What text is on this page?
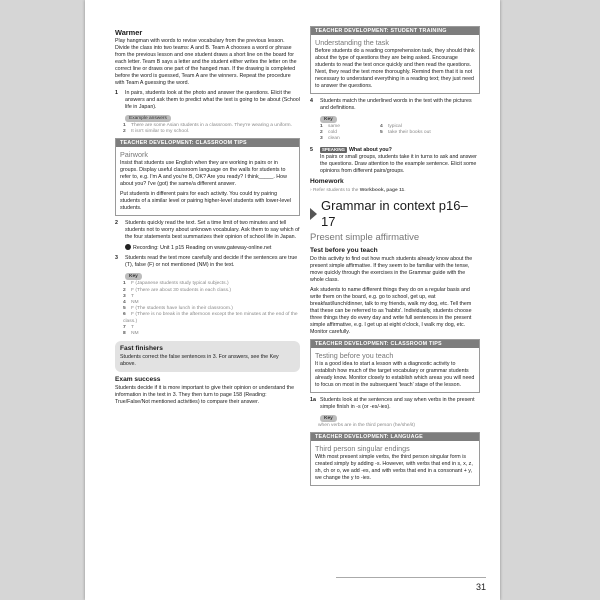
Warmer

Play hangman with words to revise vocabulary from the previous lesson. Divide the class into two teams: A and B. Team A chooses a word or phrase from the previous lesson and one student draws a short line on the board for each letter. Team B says a letter and the student either writes the letter on the correct line or draws one part of the hanged man. If the drawing is completed before the word is guessed, Team A are the winners. Repeat the procedure with Team A guessing the word.

1	In pairs, students look at the photo and answer the questions. Elicit the answers and ask them to predict what the text is going to be about (School life in Japan).
Example answers
1 There are some Asian students in a classroom. They're wearing a uniform.
2 It isn't similar to my school.
TEACHER DEVELOPMENT: CLASSROOM TIPS
Pairwork

Insist that students use English when they are working in pairs or in groups. Display useful classroom language on the walls for students to refer to, e.g. I'm A and you're B, OK? Are you ready? I think_____. How about you? I've (got) the same/a different answer.

Put students in different pairs for each activity. You could try pairing students of a similar level or pairing higher-level students with lower-level students.

2	Students quickly read the text. Set a time limit of two minutes and tell students not to worry about unknown vocabulary. Ask them to say which of the four statements best summarizes their opinion of school life in Japan.
Recording: Unit 1 p15 Reading on www.gateway-online.net
3	Students read the text more carefully and decide if the sentences are true (T), false (F) or not mentioned (NM) in the text.
Key
1 F (Japanese students study typical subjects.)
2 F (There are about 30 students in each class.)
3 T
4 NM
5 F (The students have lunch in their classroom.)
6 F (There is no break in the afternoon except the ten minutes at the end of the class.)
7 T
8 NM
Fast finishers
Students correct the false sentences in 3. For answers, see the Key above.
Exam success

Students decide if it is more important to give their opinion or understand the information in the text in 3. They then turn to page 158 (Reading: True/False/Not mentioned activities) to compare their answer.

TEACHER DEVELOPMENT: STUDENT TRAINING
Understanding the task

Before students do a reading comprehension task, they should think about the type of questions they are being asked. Encourage students to read the text once quickly and then read the questions. Next, they read the text more thoroughly. Remind them that it is not necessary to understand everything in a reading text; they just need to answer the questions.

4	Students match the underlined words in the text with the pictures and definitions.
Key
1 same	4 typical
2 cold	5 take their books out
3 clean
5	SPEAKING What about you?
In pairs or small groups, students take it in turns to ask and answer the questions. Draw attention to the example sentence. Elicit some opinions from different pairs/groups.
Homework
› Refer students to the Workbook, page 11.
Grammar in context p16–17
Present simple affirmative
Test before you teach

Do this activity to find out how much students already know about the present simple affirmative. If they seem to be familiar with the tense, move quickly through the exercises in the Grammar guide with the whole class.

Ask students to name different things they do on a regular basis and write them on the board, e.g. go to school, get up, eat breakfast/lunch/dinner, talk to my friends, walk my dog, etc. Tell them that these can be referred to as 'habits'. Individually, students choose three things they do every day and write full sentences in the present simple affirmative, e.g. I get up at eight o'clock, I walk my dog, etc. Monitor carefully.

TEACHER DEVELOPMENT: CLASSROOM TIPS
Testing before you teach

It is a good idea to start a lesson with a diagnostic activity to establish how much of the target vocabulary or grammar students already know. Monitor closely to establish which areas you will need to focus on most in the subsequent 'teach' stage of the lesson.

1a Students look at the sentences and say when verbs in the present simple finish in -s (or -es/-ies).
Key
when verbs are in the third person (he/she/it)
TEACHER DEVELOPMENT: LANGUAGE
Third person singular endings

With most present simple verbs, the third person singular form is created simply by adding -s. However, with verbs that end in s, x, z, sh, ch or o, we add -es, and with verbs that end in a consonant + y, we change the y to -ies.

31
